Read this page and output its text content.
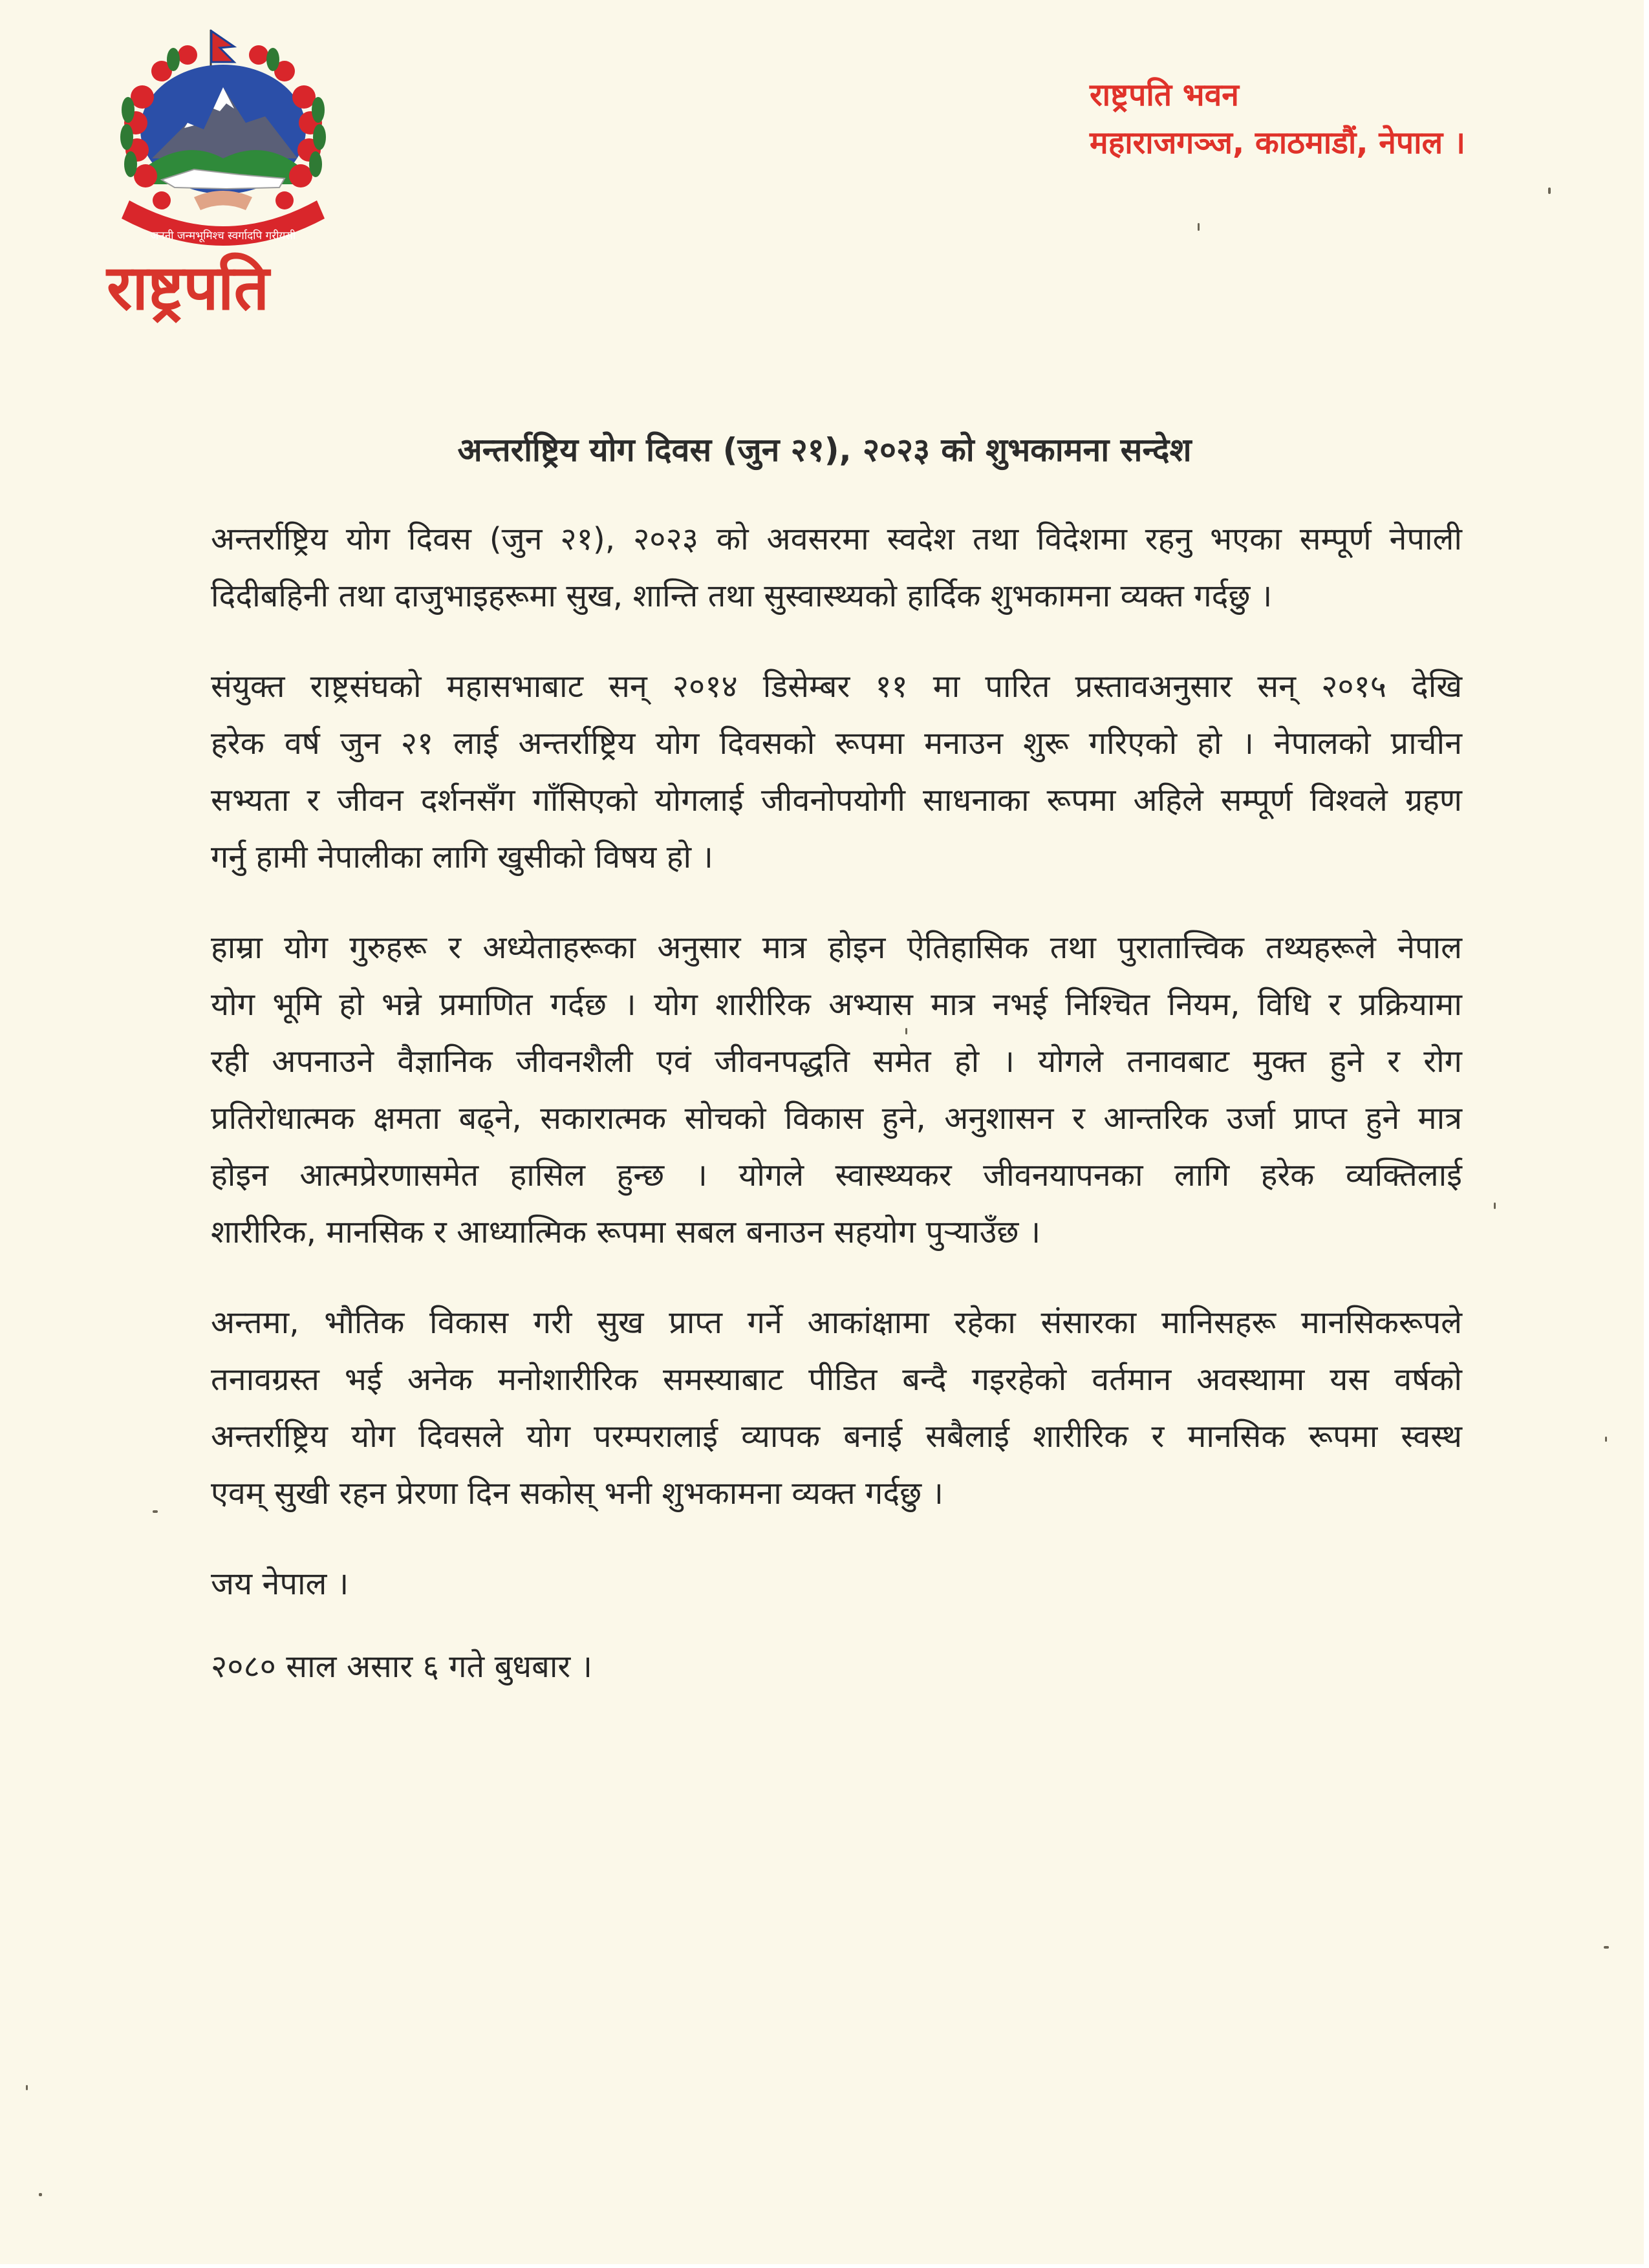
जननी जन्मभूमिश्च स्वर्गादपि गरीयसी
राष्ट्रपति
राष्ट्रपति भवन
महाराजगञ्ज, काठमाडौं, नेपाल ।
अन्तर्राष्ट्रिय योग दिवस (जुन २१), २०२३ को शुभकामना सन्देश
अन्तर्राष्ट्रिय योग दिवस (जुन २१), २०२३ को अवसरमा स्वदेश तथा विदेशमा रहनु भएका सम्पूर्ण नेपाली
दिदीबहिनी तथा दाजुभाइहरूमा सुख, शान्ति तथा सुस्वास्थ्यको हार्दिक शुभकामना व्यक्त गर्दछु ।
संयुक्त राष्ट्रसंघको महासभाबाट सन् २०१४ डिसेम्बर ११ मा पारित प्रस्तावअनुसार सन् २०१५ देखि
हरेक वर्ष जुन २१ लाई अन्तर्राष्ट्रिय योग दिवसको रूपमा मनाउन शुरू गरिएको हो । नेपालको प्राचीन
सभ्यता र जीवन दर्शनसँग गाँसिएको योगलाई जीवनोपयोगी साधनाका रूपमा अहिले सम्पूर्ण विश्वले ग्रहण
गर्नु हामी नेपालीका लागि खुसीको विषय हो ।
हाम्रा योग गुरुहरू र अध्येताहरूका अनुसार मात्र होइन ऐतिहासिक तथा पुरातात्त्विक तथ्यहरूले नेपाल
योग भूमि हो भन्ने प्रमाणित गर्दछ । योग शारीरिक अभ्यास मात्र नभई निश्चित नियम, विधि र प्रक्रियामा
रही अपनाउने वैज्ञानिक जीवनशैली एवं जीवनपद्धति समेत हो । योगले तनावबाट मुक्त हुने र रोग
प्रतिरोधात्मक क्षमता बढ्ने, सकारात्मक सोचको विकास हुने, अनुशासन र आन्तरिक उर्जा प्राप्त हुने मात्र
होइन आत्मप्रेरणासमेत हासिल हुन्छ । योगले स्वास्थ्यकर जीवनयापनका लागि हरेक व्यक्तिलाई
शारीरिक, मानसिक र आध्यात्मिक रूपमा सबल बनाउन सहयोग पुऱ्याउँछ ।
अन्तमा, भौतिक विकास गरी सुख प्राप्त गर्ने आकांक्षामा रहेका संसारका मानिसहरू मानसिकरूपले
तनावग्रस्त भई अनेक मनोशारीरिक समस्याबाट पीडित बन्दै गइरहेको वर्तमान अवस्थामा यस वर्षको
अन्तर्राष्ट्रिय योग दिवसले योग परम्परालाई व्यापक बनाई सबैलाई शारीरिक र मानसिक रूपमा स्वस्थ
एवम् सुखी रहन प्रेरणा दिन सकोस् भनी शुभकामना व्यक्त गर्दछु ।
जय नेपाल ।
२०८० साल असार ६ गते बुधबार ।
